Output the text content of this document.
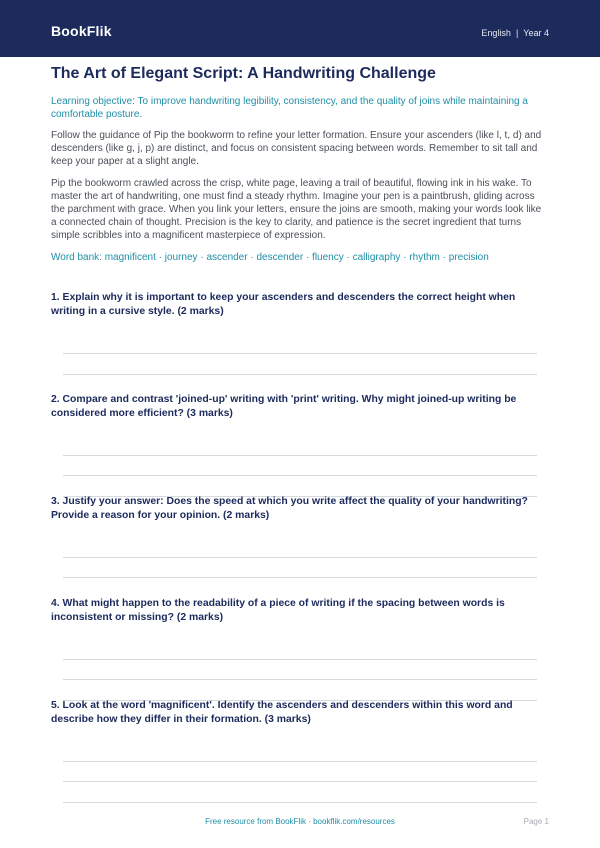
BookFlik	English | Year 4
The Art of Elegant Script: A Handwriting Challenge

Learning objective: To improve handwriting legibility, consistency, and the quality of joins while maintaining a comfortable posture.

Follow the guidance of Pip the bookworm to refine your letter formation. Ensure your ascenders (like l, t, d) and descenders (like g, j, p) are distinct, and focus on consistent spacing between words. Remember to sit tall and keep your paper at a slight angle.

Pip the bookworm crawled across the crisp, white page, leaving a trail of beautiful, flowing ink in his wake. To master the art of handwriting, one must find a steady rhythm. Imagine your pen is a paintbrush, gliding across the parchment with grace. When you link your letters, ensure the joins are smooth, making your words look like a connected chain of thought. Precision is the key to clarity, and patience is the secret ingredient that turns simple scribbles into a magnificent masterpiece of expression.

Word bank: magnificent · journey · ascender · descender · fluency · calligraphy · rhythm · precision

1. Explain why it is important to keep your ascenders and descenders the correct height when writing in a cursive style. (2 marks)

2. Compare and contrast 'joined-up' writing with 'print' writing. Why might joined-up writing be considered more efficient? (3 marks)

3. Justify your answer: Does the speed at which you write affect the quality of your handwriting? Provide a reason for your opinion. (2 marks)

4. What might happen to the readability of a piece of writing if the spacing between words is inconsistent or missing? (2 marks)

5. Look at the word 'magnificent'. Identify the ascenders and descenders within this word and describe how they differ in their formation. (3 marks)

Free resource from BookFlik · bookflik.com/resources	Page 1
